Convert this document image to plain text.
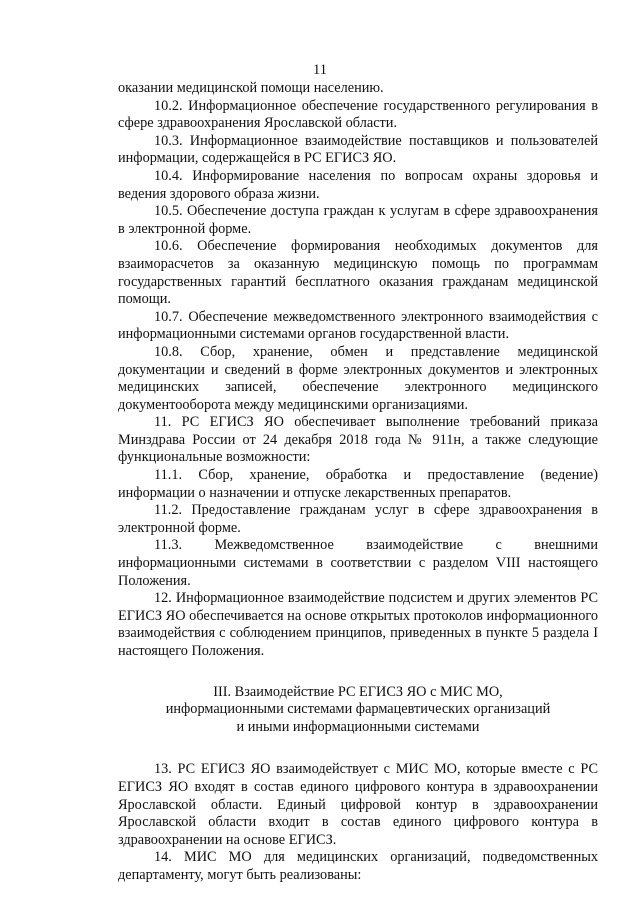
11

оказании медицинской помощи населению.

10.2. Информационное обеспечение государственного регулирования в сфере здравоохранения Ярославской области.

10.3. Информационное взаимодействие поставщиков и пользователей информации, содержащейся в РС ЕГИСЗ ЯО.

10.4. Информирование населения по вопросам охраны здоровья и ведения здорового образа жизни.

10.5. Обеспечение доступа граждан к услугам в сфере здравоохранения в электронной форме.

10.6. Обеспечение формирования необходимых документов для взаиморасчетов за оказанную медицинскую помощь по программам государственных гарантий бесплатного оказания гражданам медицинской помощи.

10.7. Обеспечение межведомственного электронного взаимодействия с информационными системами органов государственной власти.

10.8. Сбор, хранение, обмен и представление медицинской документации и сведений в форме электронных документов и электронных медицинских записей, обеспечение электронного медицинского документооборота между медицинскими организациями.

11. РС ЕГИСЗ ЯО обеспечивает выполнение требований приказа Минздрава России от 24 декабря 2018 года № 911н, а также следующие функциональные возможности:

11.1. Сбор, хранение, обработка и предоставление (ведение) информации о назначении и отпуске лекарственных препаратов.

11.2. Предоставление гражданам услуг в сфере здравоохранения в электронной форме.

11.3. Межведомственное взаимодействие с внешними информационными системами в соответствии с разделом VIII настоящего Положения.

12. Информационное взаимодействие подсистем и других элементов РС ЕГИСЗ ЯО обеспечивается на основе открытых протоколов информационного взаимодействия с соблюдением принципов, приведенных в пункте 5 раздела I настоящего Положения.

III. Взаимодействие РС ЕГИСЗ ЯО с МИС МО,
информационными системами фармацевтических организаций
и иными информационными системами

13. РС ЕГИСЗ ЯО взаимодействует с МИС МО, которые вместе с РС ЕГИСЗ ЯО входят в состав единого цифрового контура в здравоохранении Ярославской области. Единый цифровой контур в здравоохранении Ярославской области входит в состав единого цифрового контура в здравоохранении на основе ЕГИСЗ.

14. МИС МО для медицинских организаций, подведомственных департаменту, могут быть реализованы:
